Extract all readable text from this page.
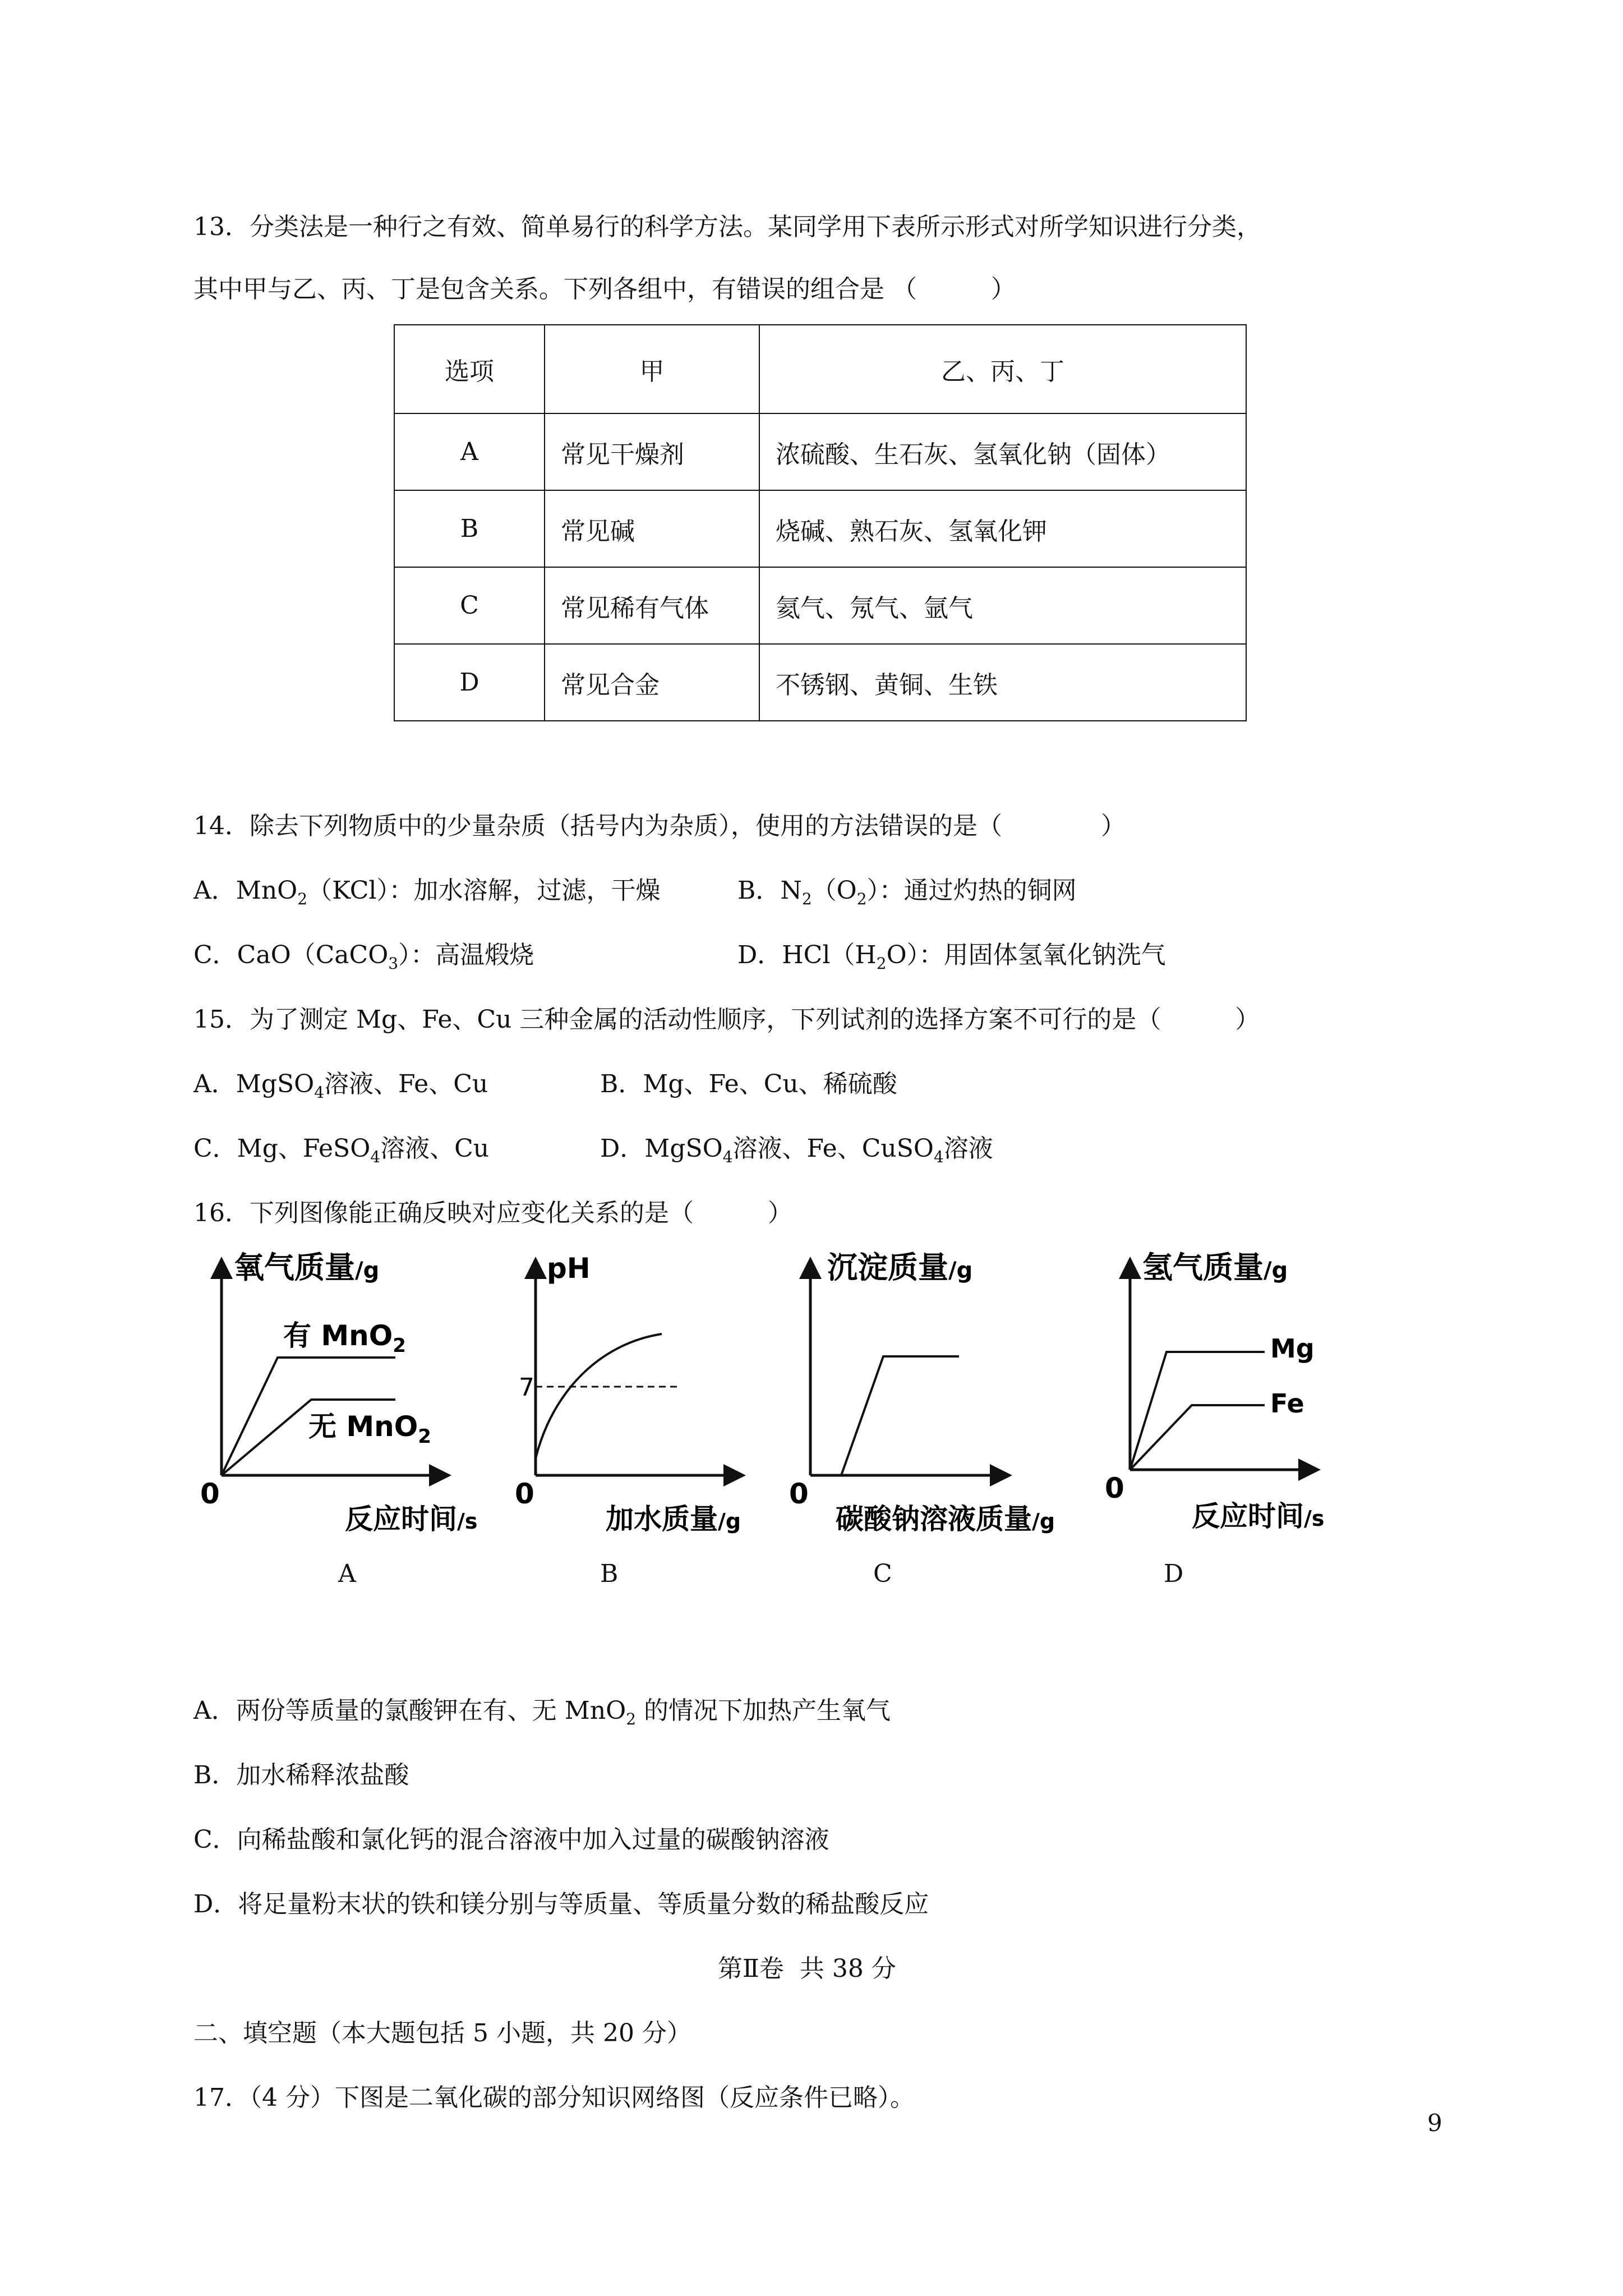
13．分类法是一种行之有效、简单易行的科学方法。某同学用下表所示形式对所学知识进行分类，
其中甲与乙、丙、丁是包含关系。下列各组中，有错误的组合是 （　　　）
选项	甲	乙、丙、丁
A	常见干燥剂	浓硫酸、生石灰、氢氧化钠（固体）
B	常见碱	烧碱、熟石灰、氢氧化钾
C	常见稀有气体	氦气、氖气、氩气
D	常见合金	不锈钢、黄铜、生铁
14．除去下列物质中的少量杂质（括号内为杂质），使用的方法错误的是（　　　　）
A．MnO$_2$（KCl）：加水溶解，过滤，干燥	B．$N_2(O_2)$：通过灼热的铜网
C．CaO（CaCO$_3$）：高温煅烧	D．$HCl(H_2O)$：用固体氢氧化钠洗气
15．为了测定 Mg、Fe、Cu 三种金属的活动性顺序，下列试剂的选择方案不可行的是（　　　）
A．MgSO$_4$溶液、Fe、Cu	B．Mg、Fe、Cu、稀硫酸
C．Mg、FeSO$_4$溶液、Cu	D．MgSO$_4$溶液、Fe、CuSO$_4$溶液
16．下列图像能正确反映对应变化关系的是（　　　）
氧气质量/g
0
反应时间/s
有 MnO$_2$
无 MnO$_2$
pH
0
7
加水质量/g
沉淀质量/g
0
碳酸钠溶液质量/g
氢气质量/g
0
Mg
Fe
反应时间/s
A	B	C	D
A．两份等质量的氯酸钾在有、无 MnO$_2$ 的情况下加热产生氧气
B．加水稀释浓盐酸
C．向稀盐酸和氯化钙的混合溶液中加入过量的碳酸钠溶液
D．将足量粉末状的铁和镁分别与等质量、等质量分数的稀盐酸反应
第Ⅱ卷  共 38 分
二、填空题（本大题包括 5 小题，共 20 分）
17．（4 分）下图是二氧化碳的部分知识网络图（反应条件已略）。
9
